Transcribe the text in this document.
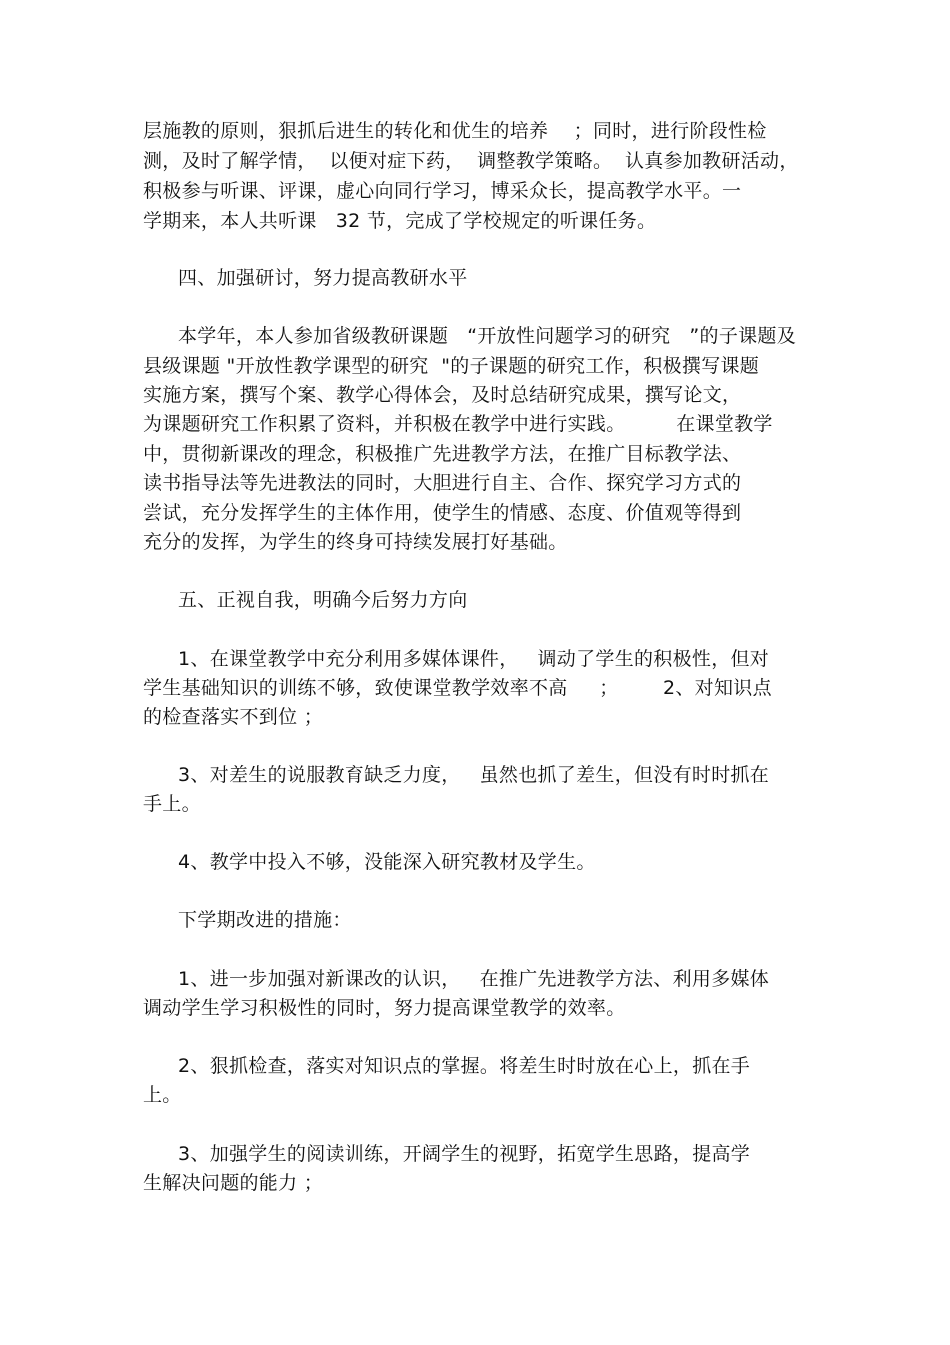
层施教的原则，狠抓后进生的转化和优生的培养    ；同时，进行阶段性检
测，及时了解学情，  以便对症下药，  调整教学策略。  认真参加教研活动，
积极参与听课、评课，虚心向同行学习，博采众长，提高教学水平。一
学期来，本人共听课   32 节，完成了学校规定的听课任务。
四、加强研讨，努力提高教研水平
本学年，本人参加省级教研课题   “开放性问题学习的研究   ”的子课题及
县级课题 "开放性教学课型的研究  "的子课题的研究工作，积极撰写课题
实施方案，撰写个案、教学心得体会，及时总结研究成果，撰写论文，
为课题研究工作积累了资料，并积极在教学中进行实践。        在课堂教学
中，贯彻新课改的理念，积极推广先进教学方法，在推广目标教学法、
读书指导法等先进教法的同时，大胆进行自主、合作、探究学习方式的
尝试，充分发挥学生的主体作用，使学生的情感、态度、价值观等得到
充分的发挥，为学生的终身可持续发展打好基础。
五、正视自我，明确今后努力方向
1、在课堂教学中充分利用多媒体课件，   调动了学生的积极性，但对
学生基础知识的训练不够，致使课堂教学效率不高     ；       2、对知识点
的检查落实不到位 ；
3、对差生的说服教育缺乏力度，   虽然也抓了差生，但没有时时抓在
手上。
4、教学中投入不够，没能深入研究教材及学生。
下学期改进的措施：
1、进一步加强对新课改的认识，   在推广先进教学方法、利用多媒体
调动学生学习积极性的同时，努力提高课堂教学的效率。
2、狠抓检查，落实对知识点的掌握。将差生时时放在心上，抓在手
上。
3、加强学生的阅读训练，开阔学生的视野，拓宽学生思路，提高学
生解决问题的能力 ；
